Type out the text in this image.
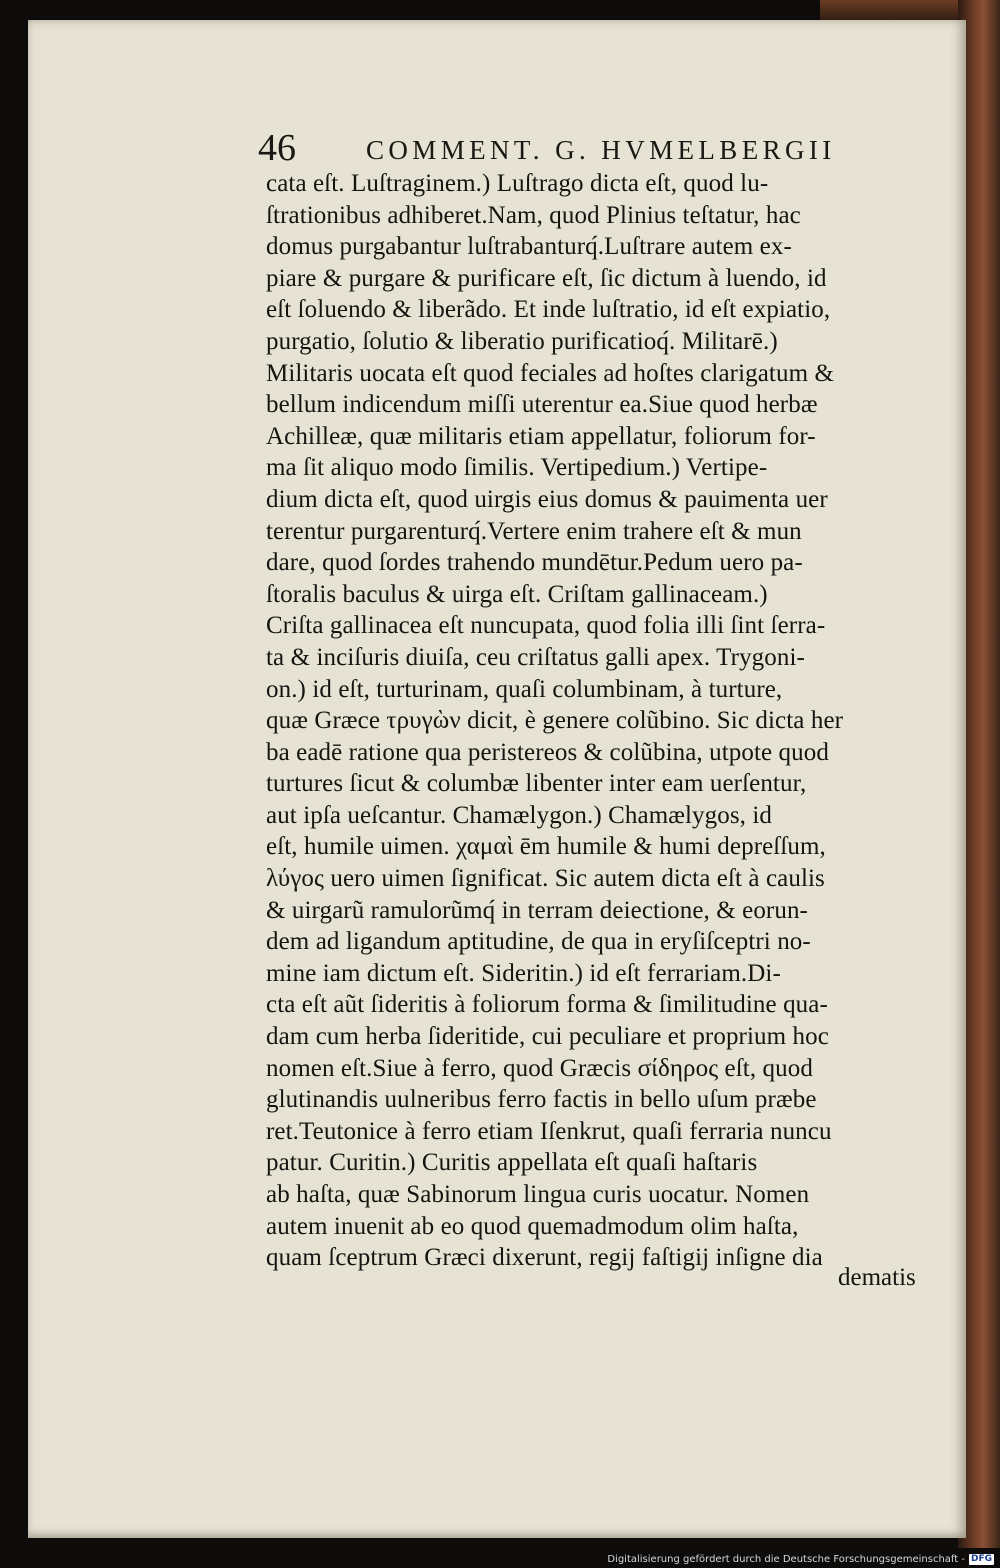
46	COMMENT. G. HVMELBERGII
cata eſt. Luſtraginem.) Luſtrago dicta eſt, quod lu-
ſtrationibus adhiberet.Nam, quod Plinius teſtatur, hac
domus purgabantur luſtrabanturq́.Luſtrare autem ex-
piare & purgare & purificare eſt, ſic dictum à luendo, id
eſt ſoluendo & liberãdo. Et inde luſtratio, id eſt expiatio,
purgatio, ſolutio & liberatio purificatioq́. Militarē.)
Militaris uocata eſt quod feciales ad hoſtes clarigatum &
bellum indicendum miſſi uterentur ea.Siue quod herbæ
Achilleæ, quæ militaris etiam appellatur, foliorum for-
ma ſit aliquo modo ſimilis. Vertipedium.) Vertipe-
dium dicta eſt, quod uirgis eius domus & pauimenta uer
terentur purgarenturq́.Vertere enim trahere eſt & mun
dare, quod ſordes trahendo mundētur.Pedum uero pa-
ſtoralis baculus & uirga eſt. Criſtam gallinaceam.)
Criſta gallinacea eſt nuncupata, quod folia illi ſint ſerra-
ta & inciſuris diuiſa, ceu criſtatus galli apex. Trygoni-
on.) id eſt, turturinam, quaſi columbinam, à turture,
quæ Græce τρυγὼν dicit, è genere colũbino. Sic dicta her
ba eadē ratione qua peristereos & colũbina, utpote quod
turtures ſicut & columbæ libenter inter eam uerſentur,
aut ipſa ueſcantur. Chamælygon.) Chamælygos, id
eſt, humile uimen. χαμαὶ ēm humile & humi depreſſum,
λύγος uero uimen ſignificat. Sic autem dicta eſt à caulis
& uirgarũ ramulorũmq́ in terram deiectione, & eorun-
dem ad ligandum aptitudine, de qua in eryſiſceptri no-
mine iam dictum eſt. Sideritin.) id eſt ferrariam.Di-
cta eſt aũt ſideritis à foliorum forma & ſimilitudine qua-
dam cum herba ſideritide, cui peculiare et proprium hoc
nomen eſt.Siue à ferro, quod Græcis σίδηρος eſt, quod
glutinandis uulneribus ferro factis in bello uſum præbe
ret.Teutonice à ferro etiam Iſenkrut, quaſi ferraria nuncu
patur. Curitin.) Curitis appellata eſt quaſi haſtaris
ab haſta, quæ Sabinorum lingua curis uocatur. Nomen
autem inuenit ab eo quod quemadmodum olim haſta,
quam ſceptrum Græci dixerunt, regij faſtigij inſigne dia
dematis
Digitalisierung gefördert durch die Deutsche Forschungsgemeinschaft - DFG
